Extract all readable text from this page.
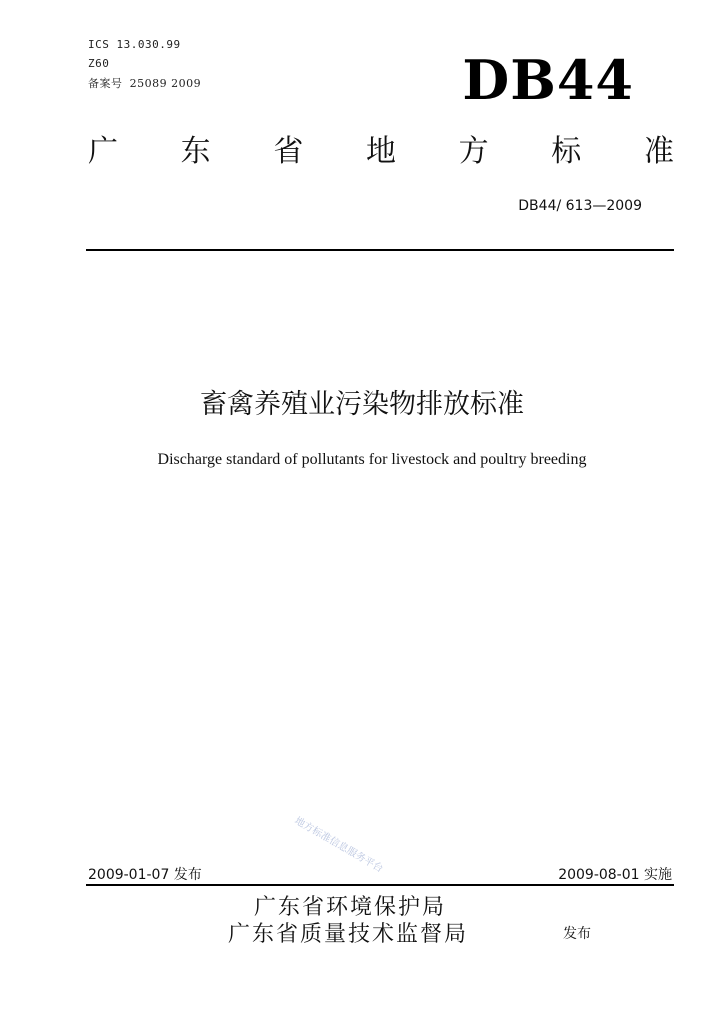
ICS 13.030.99
Z60
备案号 25089 2009	DB44
广 东 省 地 方 标 准
DB44/ 613—2009
畜禽养殖业污染物排放标准
Discharge standard of pollutants for livestock and poultry breeding
地方标准信息服务平台
2009-01-07 发布	2009-08-01 实施
广东省环境保护局
广东省质量技术监督局	发布
